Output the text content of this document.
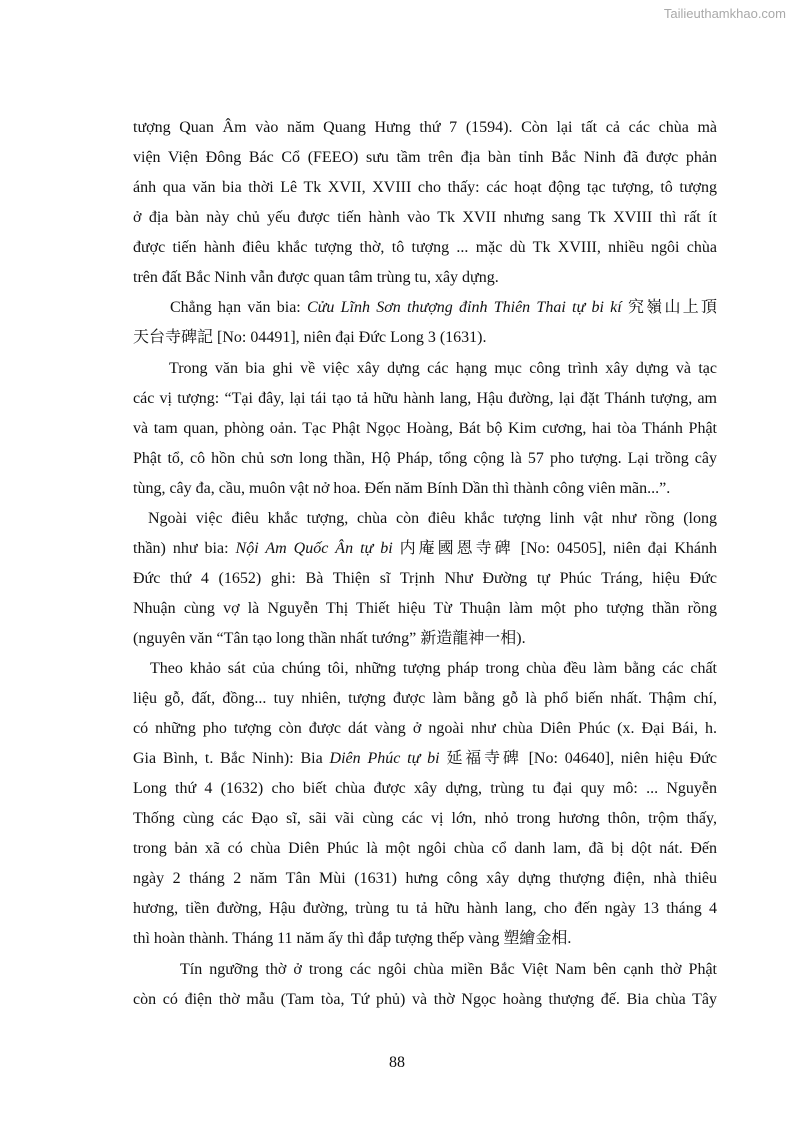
Tailieuthamkhao.com
tượng Quan Âm vào năm Quang Hưng thứ 7 (1594). Còn lại tất cả các chùa mà
viện Viện Đông Bác Cổ (FEEO) sưu tầm trên địa bàn tỉnh Bắc Ninh đã được phản
ánh qua văn bia thời Lê Tk XVII, XVIII cho thấy: các hoạt động tạc tượng, tô tượng
ở địa bàn này chủ yếu được tiến hành vào Tk XVII nhưng sang Tk XVIII thì rất ít
được tiến hành điêu khắc tượng thờ, tô tượng ... mặc dù Tk XVIII, nhiều ngôi chùa
trên đất Bắc Ninh vẫn được quan tâm trùng tu, xây dựng.
Chẳng hạn văn bia: Cửu Lĩnh Sơn thượng đỉnh Thiên Thai tự bi kí 究嶺山上頂
天台寺碑記 [No: 04491], niên đại Đức Long 3 (1631).
Trong văn bia ghi về việc xây dựng các hạng mục công trình xây dựng và tạc
các vị tượng: “Tại đây, lại tái tạo tả hữu hành lang, Hậu đường, lại đặt Thánh tượng, am
và tam quan, phòng oản. Tạc Phật Ngọc Hoàng, Bát bộ Kim cương, hai tòa Thánh Phật
Phật tổ, cô hồn chủ sơn long thần, Hộ Pháp, tổng cộng là 57 pho tượng. Lại trồng cây
tùng, cây đa, cầu, muôn vật nở hoa. Đến năm Bính Dần thì thành công viên mãn...”.
Ngoài việc điêu khắc tượng, chùa còn điêu khắc tượng linh vật như rồng (long
thần) như bia: Nội Am Quốc Ân tự bi 内庵國恩寺碑 [No: 04505], niên đại Khánh
Đức thứ 4 (1652) ghi: Bà Thiện sĩ Trịnh Như Đường tự Phúc Tráng, hiệu Đức
Nhuận cùng vợ là Nguyễn Thị Thiết hiệu Từ Thuận làm một pho tượng thần rồng
(nguyên văn “Tân tạo long thần nhất tướng” 新造龍神一相).
Theo khảo sát của chúng tôi, những tượng pháp trong chùa đều làm bằng các chất
liệu gỗ, đất, đồng... tuy nhiên, tượng được làm bằng gỗ là phổ biến nhất. Thậm chí,
có những pho tượng còn được dát vàng ở ngoài như chùa Diên Phúc (x. Đại Bái, h.
Gia Bình, t. Bắc Ninh): Bia Diên Phúc tự bi 延福寺碑 [No: 04640], niên hiệu Đức
Long thứ 4 (1632) cho biết chùa được xây dựng, trùng tu đại quy mô: ... Nguyễn
Thống cùng các Đạo sĩ, sãi vãi cùng các vị lớn, nhỏ trong hương thôn, trộm thấy,
trong bản xã có chùa Diên Phúc là một ngôi chùa cổ danh lam, đã bị dột nát. Đến
ngày 2 tháng 2 năm Tân Mùi (1631) hưng công xây dựng thượng điện, nhà thiêu
hương, tiền đường, Hậu đường, trùng tu tả hữu hành lang, cho đến ngày 13 tháng 4
thì hoàn thành. Tháng 11 năm ấy thì đắp tượng thếp vàng 塑繪金相.
Tín ngưỡng thờ ở trong các ngôi chùa miền Bắc Việt Nam bên cạnh thờ Phật
còn có điện thờ mẫu (Tam tòa, Tứ phủ) và thờ Ngọc hoàng thượng đế. Bia chùa Tây
88
